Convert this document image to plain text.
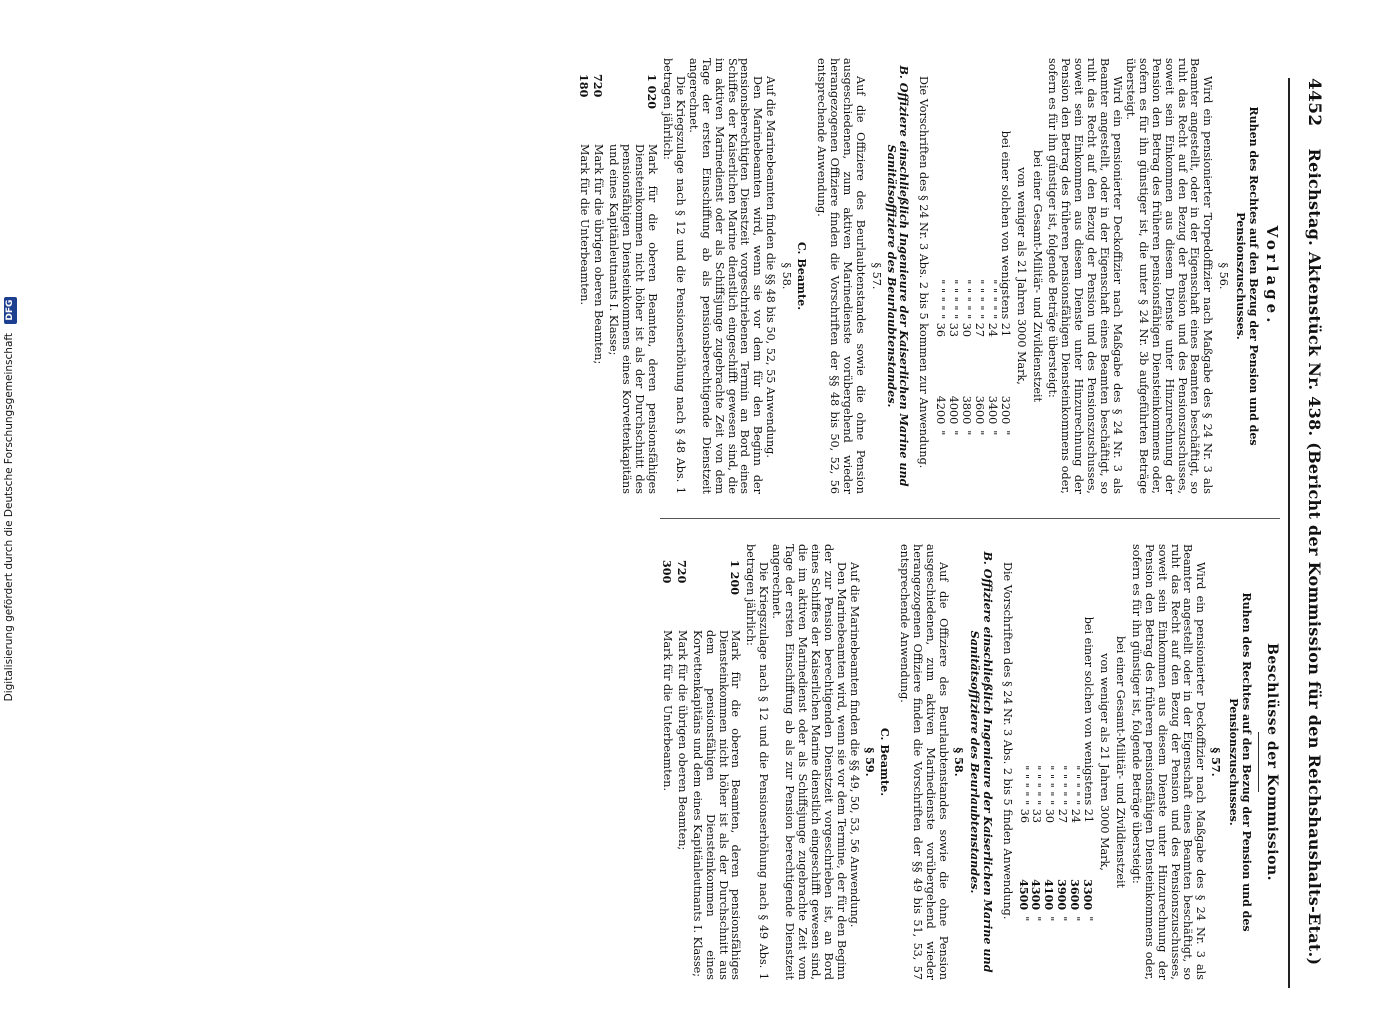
Digitalisierung gefördert durch die Deutsche Forschungsgemeinschaft DFG
4452
Reichstag. Aktenstück Nr. 438. (Bericht der Kommission für den Reichshaushalts-Etat.)
Vorlage.
Ruhen des Rechtes auf den Bezug der Pension und des Pensionszuschusses.
§ 56.

Wird ein pensionierter Torpedoffizier nach Maßgabe des § 24 Nr. 3 als Beamter angestellt, oder in der Eigenschaft eines Beamten beschäftigt, so ruht das Recht auf den Bezug der Pension und des Pensionszuschusses, soweit sein Einkommen aus diesem Dienste unter Hinzurechnung der Pension den Betrag des früheren pensionsfähigen Diensteinkommens oder, sofern es für ihn günstiger ist, die unter § 24 Nr. 3b aufgeführten Beträge übersteigt.

Wird ein pensionierter Deckoffizier nach Maßgabe des § 24 Nr. 3 als Beamter angestellt, oder in der Eigenschaft eines Beamten beschäftigt, so ruht das Recht auf den Bezug der Pension und des Pensionszuschusses, soweit sein Einkommen aus diesem Dienste unter Hinzurechnung der Pension den Betrag des früheren pensionsfähigen Diensteinkommens oder, sofern es für ihn günstiger ist, folgende Beträge übersteigt:

bei einer Gesamt-Militär- und Zivildienstzeit
von weniger als 21 Jahren 3000 Mark,
bei einer solchen von wenigstens 21	3200	"
" " " " " 24	3400	"
" " " " " 27	3600	"
" " " " " 30	3800	"
" " " " " 33	4000	"
" " " " " 36	4200	"

Die Vorschriften des § 24 Nr. 3 Abs. 2 bis 5 kommen zur Anwendung.

B. Offiziere einschließlich Ingenieure der Kaiserlichen Marine und Sanitätsoffiziere des Beurlaubtenstandes.
§ 57.

Auf die Offiziere des Beurlaubtenstandes sowie die ohne Pension ausgeschiedenen, zum aktiven Marinedienste vorübergehend wieder herangezogenen Offiziere finden die Vorschriften der §§ 48 bis 50, 52, 56 entsprechende Anwendung.

C. Beamte.
§ 58.

Auf die Marinebeamten finden die §§ 48 bis 50, 52, 55 Anwendung.

Den Marinebeamten wird, wenn sie vor dem für den Beginn der pensionsberechtigten Dienstzeit vorgeschriebenen Termin an Bord eines Schiffes der Kaiserlichen Marine dienstlich eingeschifft gewesen sind, die im aktiven Marinedienst oder als Schiffsjunge zugebrachte Zeit von dem Tage der ersten Einschiffung ab als pensionsberechtigende Dienstzeit angerechnet.

Die Kriegszulage nach § 12 und die Pensionserhöhung nach § 48 Abs. 1 betragen jährlich:

1 020
Mark für die oberen Beamten, deren pensionsfähiges Diensteinkommen nicht höher ist als der Durchschnitt des pensionsfähigen Diensteinkommens eines Korvettenkapitäns und eines Kapitänleutnants I. Klasse;
720
Mark für die übrigen oberen Beamten;
180
Mark für die Unterbeamten.
Beschlüsse der Kommission.
Ruhen des Rechtes auf den Bezug der Pension und des Pensionszuschusses.
§ 57.

Wird ein pensionierter Deckoffizier nach Maßgabe des § 24 Nr. 3 als Beamter angestellt oder in der Eigenschaft eines Beamten beschäftigt, so ruht das Recht auf den Bezug der Pension und des Pensionszuschusses, soweit sein Einkommen aus diesem Dienste unter Hinzurechnung der Pension den Betrag des früheren pensionsfähigen Diensteinkommens oder, sofern es für ihn günstiger ist, folgende Beträge übersteigt:

bei einer Gesamt-Militär- und Zivildienstzeit
von weniger als 21 Jahren 3000 Mark,
bei einer solchen von wenigstens 21	3300	"
" " " " " 24	3600	"
" " " " " 27	3900	"
" " " " " 30	4100	"
" " " " " 33	4300	"
" " " " " 36	4500	"

Die Vorschriften des § 24 Nr. 3 Abs. 2 bis 5 finden Anwendung.

B. Offiziere einschließlich Ingenieure der Kaiserlichen Marine und Sanitätsoffiziere des Beurlaubtenstandes.
§ 58.

Auf die Offiziere des Beurlaubtenstandes sowie die ohne Pension ausgeschiedenen, zum aktiven Marinedienste vorübergehend wieder herangezogenen Offiziere finden die Vorschriften der §§ 49 bis 51, 53, 57 entsprechende Anwendung.

C. Beamte.
§ 59.

Auf die Marinebeamten finden die §§ 49, 50, 53, 56 Anwendung.

Den Marinebeamten wird, wenn sie vor dem Termine, der für den Beginn der zur Pension berechtigenden Dienstzeit vorgeschrieben ist, an Bord eines Schiffes der Kaiserlichen Marine dienstlich eingeschifft gewesen sind, die im aktiven Marinedienst oder als Schiffsjunge zugebrachte Zeit vom Tage der ersten Einschiffung ab als zur Pension berechtigende Dienstzeit angerechnet.

Die Kriegszulage nach § 12 und die Pensionserhöhung nach § 49 Abs. 1 betragen jährlich:

1 200
Mark für die oberen Beamten, deren pensionsfähiges Diensteinkommen nicht höher ist als der Durchschnitt aus dem pensionsfähigen Diensteinkommen eines Korvettenkapitäns und dem eines Kapitänleutnants I. Klasse;
720
Mark für die übrigen oberen Beamten;
300
Mark für die Unterbeamten.
